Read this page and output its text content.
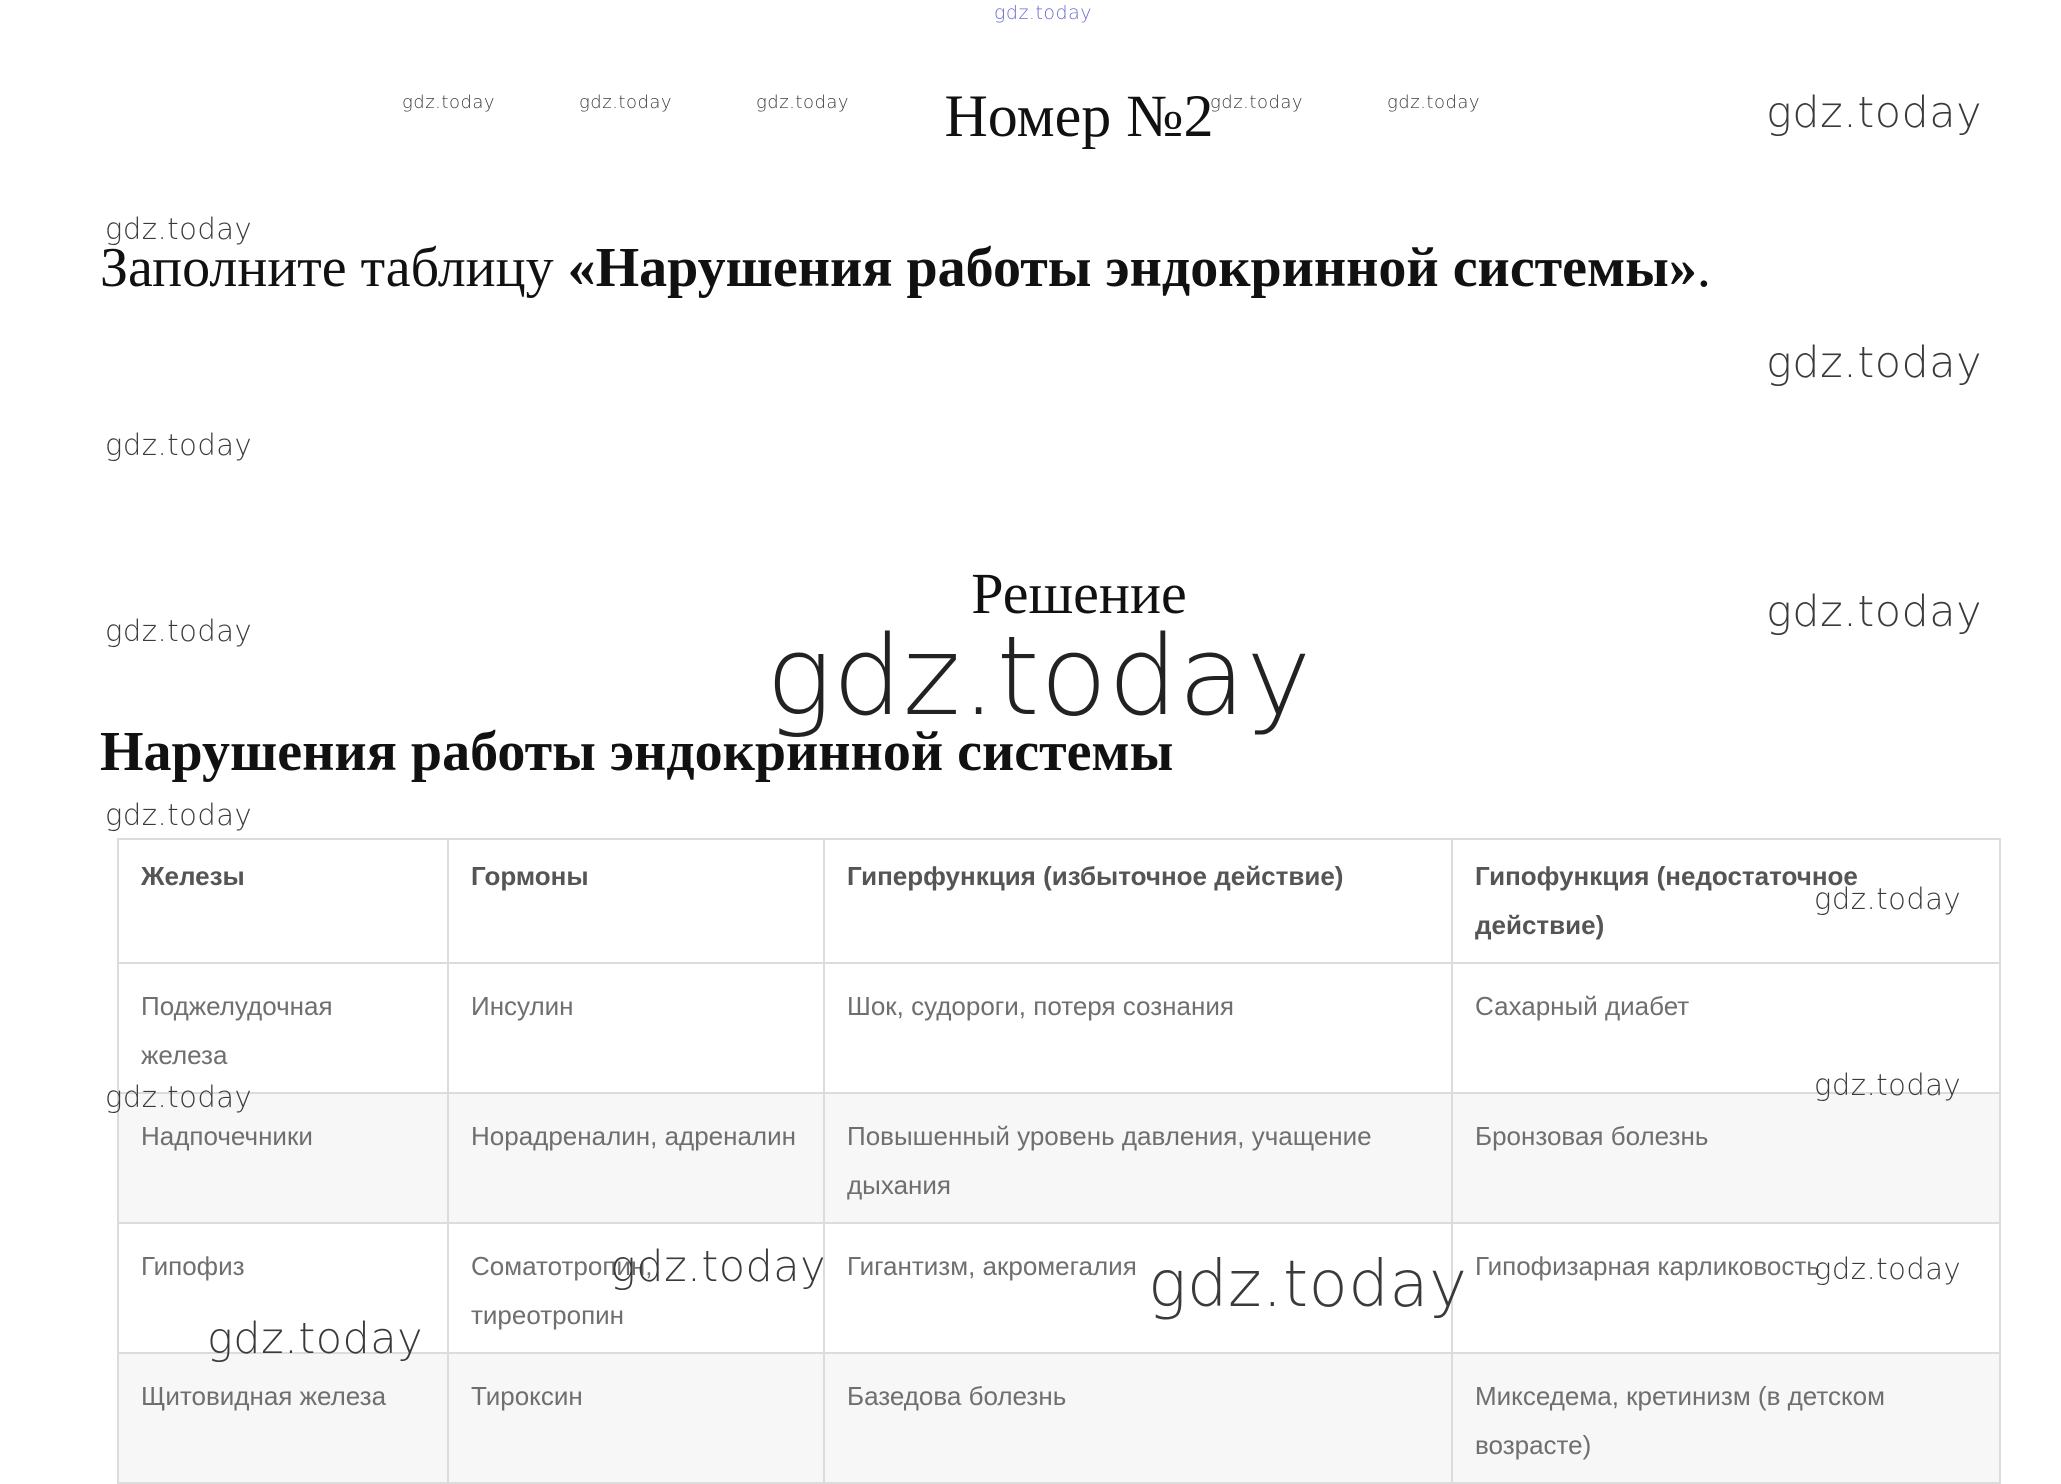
gdz.today
gdz.today	gdz.today	gdz.today	gdz.today	gdz.today	gdz.today
gdz.today
gdz.today
gdz.today
gdz.today	gdz.today
Номер №2
Заполните таблицу «Нарушения работы эндокринной системы».
Решение
gdz.today
Нарушения работы эндокринной системы
gdz.today
Железы	Гормоны	Гиперфункция (избыточное действие)	Гипофункция (недостаточное действие)
Поджелудочная железа	Инсулин	Шок, судороги, потеря сознания	Сахарный диабет
Надпочечники	Норадреналин, адреналин	Повышенный уровень давления, учащение дыхания	Бронзовая болезнь
Гипофиз	Соматотропин, тиреотропин	Гигантизм, акромегалия	Гипофизарная карликовость
Щитовидная железа	Тироксин	Базедова болезнь	Микседема, кретинизм (в детском возрасте)
gdz.today
gdz.today	gdz.today
gdz.today	gdz.today	gdz.today
gdz.today
